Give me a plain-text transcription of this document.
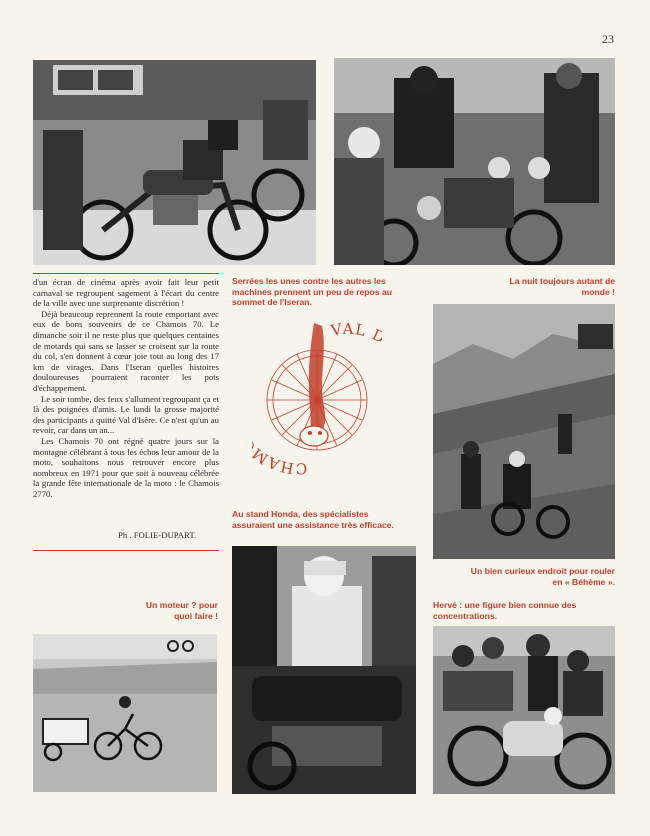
23

d'un écran de cinéma après avoir fait leur petit carnaval se regroupent sagement à l'écart du centre de la ville avec une surprenante discrétion !

Déjà beaucoup reprennent la route emportant avec eux de bons souvenirs de ce Chamois 70. Le dimanche soir il ne reste plus que quelques centaines de motards qui sans se lasser se croisent sur la route du col, s'en donnent à cœur joie tout au long des 17 km de virages. Dans l'Iseran quelles histoires douloureuses pourraient raconter les pots d'échappement.

Le soir tombe, des feux s'allument regroupant ça et là des poignées d'amis. Le lundi la grosse majorité des participants a quitté Val d'Isère. Ce n'est qu'un au revoir, car dans un an...

Les Chamois 70 ont régné quatre jours sur la montagne célébrant à tous les échos leur amour de la moto, souhaitons nous retrouver encore plus nombreux en 1971 pour que soit à nouveau célébrée la grande fête internationale de la moto : le Chamois 2770.

Ph . FOLIE-DUPART.
Serrées les unes contre les autres les machines prennent un peu de repos au sommet de l'Iseran.
La nuit toujours autant de monde !
CHA
VAL
Au stand Honda, des spécialistes assuraient une assistance très efficace.
Un bien curieux endroit pour rouler en « Béhème ».
Un moteur ? pour quoi faire !
Hervé : une figure bien connue des concentrations.
